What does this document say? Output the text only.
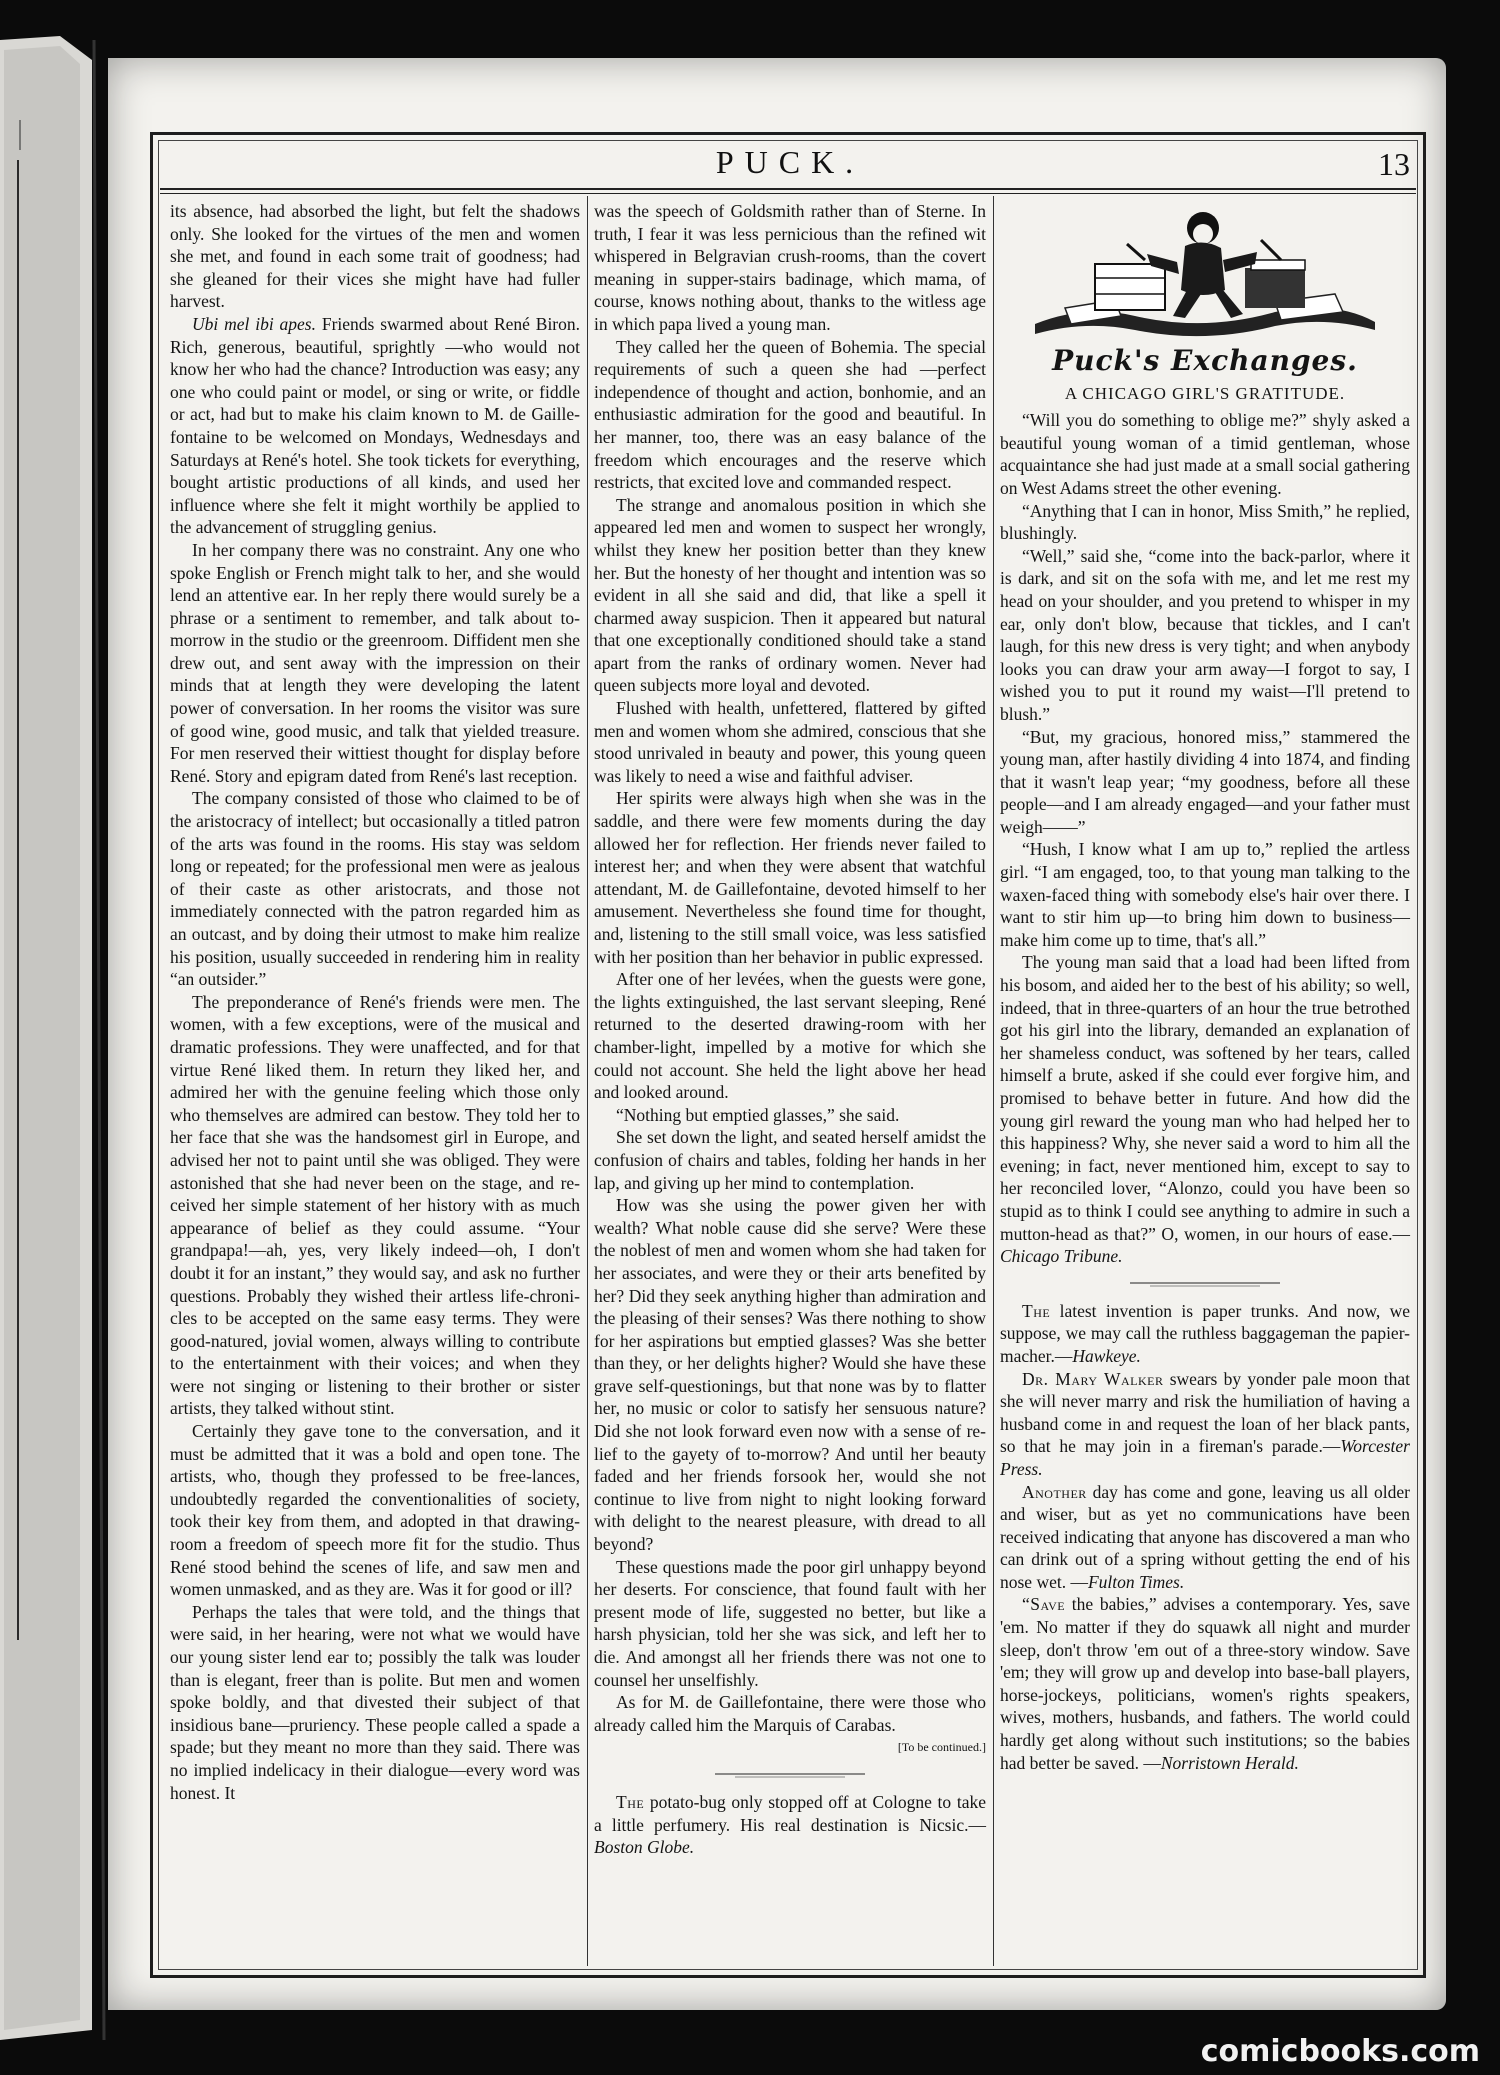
PUCK.	13

its absence, had absorbed the light, but felt the shadows only. She looked for the virtues of the men and women she met, and found in each some trait of goodness; had she gleaned for their vices she might have had fuller harvest.

Ubi mel ibi apes. Friends swarmed about René Biron. Rich, generous, beautiful, sprightly —who would not know her who had the chance? Introduction was easy; any one who could paint or model, or sing or write, or fiddle or act, had but to make his claim known to M. de Gaillefontaine to be welcomed on Mondays, Wednesdays and Saturdays at René's hotel. She took tickets for everything, bought artistic productions of all kinds, and used her influence where she felt it might worthily be applied to the advancement of struggling genius.

In her company there was no constraint. Any one who spoke English or French might talk to her, and she would lend an attentive ear. In her reply there would surely be a phrase or a sentiment to remember, and talk about to-morrow in the studio or the greenroom. Diffident men she drew out, and sent away with the impression on their minds that at length they were developing the latent power of conversation. In her rooms the visitor was sure of good wine, good music, and talk that yielded treasure. For men reserved their wittiest thought for display before René. Story and epigram dated from René's last reception.

The company consisted of those who claimed to be of the aristocracy of intellect; but occasionally a titled patron of the arts was found in the rooms. His stay was seldom long or repeated; for the professional men were as jealous of their caste as other aristocrats, and those not immediately connected with the patron regarded him as an outcast, and by doing their utmost to make him realize his position, usually succeeded in rendering him in reality “an outsider.”

The preponderance of René's friends were men. The women, with a few exceptions, were of the musical and dramatic professions. They were unaffected, and for that virtue René liked them. In return they liked her, and admired her with the genuine feeling which those only who themselves are admired can bestow. They told her to her face that she was the handsomest girl in Europe, and advised her not to paint until she was obliged. They were astonished that she had never been on the stage, and received her simple statement of her history with as much appearance of belief as they could assume. “Your grandpapa!—ah, yes, very likely indeed—oh, I don't doubt it for an instant,” they would say, and ask no further questions. Probably they wished their artless life-chronicles to be accepted on the same easy terms. They were good-natured, jovial women, always willing to contribute to the entertainment with their voices; and when they were not singing or listening to their brother or sister artists, they talked without stint.

Certainly they gave tone to the conversation, and it must be admitted that it was a bold and open tone. The artists, who, though they professed to be free-lances, undoubtedly regarded the conventionalities of society, took their key from them, and adopted in that drawing-room a freedom of speech more fit for the studio. Thus René stood behind the scenes of life, and saw men and women unmasked, and as they are. Was it for good or ill?

Perhaps the tales that were told, and the things that were said, in her hearing, were not what we would have our young sister lend ear to; possibly the talk was louder than is elegant, freer than is polite. But men and women spoke boldly, and that divested their subject of that insidious bane—pruriency. These people called a spade a spade; but they meant no more than they said. There was no implied indelicacy in their dialogue—every word was honest. It

was the speech of Goldsmith rather than of Sterne. In truth, I fear it was less pernicious than the refined wit whispered in Belgravian crush-rooms, than the covert meaning in supper-stairs badinage, which mama, of course, knows nothing about, thanks to the witless age in which papa lived a young man.

They called her the queen of Bohemia. The special requirements of such a queen she had —perfect independence of thought and action, bonhomie, and an enthusiastic admiration for the good and beautiful. In her manner, too, there was an easy balance of the freedom which encourages and the reserve which restricts, that excited love and commanded respect.

The strange and anomalous position in which she appeared led men and women to suspect her wrongly, whilst they knew her position better than they knew her. But the honesty of her thought and intention was so evident in all she said and did, that like a spell it charmed away suspicion. Then it appeared but natural that one exceptionally conditioned should take a stand apart from the ranks of ordinary women. Never had queen subjects more loyal and devoted.

Flushed with health, unfettered, flattered by gifted men and women whom she admired, conscious that she stood unrivaled in beauty and power, this young queen was likely to need a wise and faithful adviser.

Her spirits were always high when she was in the saddle, and there were few moments during the day allowed her for reflection. Her friends never failed to interest her; and when they were absent that watchful attendant, M. de Gaillefontaine, devoted himself to her amusement. Nevertheless she found time for thought, and, listening to the still small voice, was less satisfied with her position than her behavior in public expressed.

After one of her levées, when the guests were gone, the lights extinguished, the last servant sleeping, René returned to the deserted drawing-room with her chamber-light, impelled by a motive for which she could not account. She held the light above her head and looked around.

“Nothing but emptied glasses,” she said.

She set down the light, and seated herself amidst the confusion of chairs and tables, folding her hands in her lap, and giving up her mind to contemplation.

How was she using the power given her with wealth? What noble cause did she serve? Were these the noblest of men and women whom she had taken for her associates, and were they or their arts benefited by her? Did they seek anything higher than admiration and the pleasing of their senses? Was there nothing to show for her aspirations but emptied glasses? Was she better than they, or her delights higher? Would she have these grave self-questionings, but that none was by to flatter her, no music or color to satisfy her sensuous nature? Did she not look forward even now with a sense of relief to the gayety of to-morrow? And until her beauty faded and her friends forsook her, would she not continue to live from night to night looking forward with delight to the nearest pleasure, with dread to all beyond?

These questions made the poor girl unhappy beyond her deserts. For conscience, that found fault with her present mode of life, suggested no better, but like a harsh physician, told her she was sick, and left her to die. And amongst all her friends there was not one to counsel her unselfishly.

As for M. de Gaillefontaine, there were those who already called him the Marquis of Carabas.

[To be continued.]

The potato-bug only stopped off at Cologne to take a little perfumery. His real destination is Nicsic.—Boston Globe.

Puck's Exchanges.
A CHICAGO GIRL'S GRATITUDE.

“Will you do something to oblige me?” shyly asked a beautiful young woman of a timid gentleman, whose acquaintance she had just made at a small social gathering on West Adams street the other evening.

“Anything that I can in honor, Miss Smith,” he replied, blushingly.

“Well,” said she, “come into the back-parlor, where it is dark, and sit on the sofa with me, and let me rest my head on your shoulder, and you pretend to whisper in my ear, only don't blow, because that tickles, and I can't laugh, for this new dress is very tight; and when anybody looks you can draw your arm away—I forgot to say, I wished you to put it round my waist—I'll pretend to blush.”

“But, my gracious, honored miss,” stammered the young man, after hastily dividing 4 into 1874, and finding that it wasn't leap year; “my goodness, before all these people—and I am already engaged—and your father must weigh——”

“Hush, I know what I am up to,” replied the artless girl. “I am engaged, too, to that young man talking to the waxen-faced thing with somebody else's hair over there. I want to stir him up—to bring him down to business—make him come up to time, that's all.”

The young man said that a load had been lifted from his bosom, and aided her to the best of his ability; so well, indeed, that in three-quarters of an hour the true betrothed got his girl into the library, demanded an explanation of her shameless conduct, was softened by her tears, called himself a brute, asked if she could ever forgive him, and promised to behave better in future. And how did the young girl reward the young man who had helped her to this happiness? Why, she never said a word to him all the evening; in fact, never mentioned him, except to say to her reconciled lover, “Alonzo, could you have been so stupid as to think I could see anything to admire in such a mutton-head as that?” O, women, in our hours of ease.—Chicago Tribune.

The latest invention is paper trunks. And now, we suppose, we may call the ruthless baggageman the papier-macher.—Hawkeye.

Dr. Mary Walker swears by yonder pale moon that she will never marry and risk the humiliation of having a husband come in and request the loan of her black pants, so that he may join in a fireman's parade.—Worcester Press.

Another day has come and gone, leaving us all older and wiser, but as yet no communications have been received indicating that anyone has discovered a man who can drink out of a spring without getting the end of his nose wet. —Fulton Times.

“Save the babies,” advises a contemporary. Yes, save 'em. No matter if they do squawk all night and murder sleep, don't throw 'em out of a three-story window. Save 'em; they will grow up and develop into base-ball players, horse-jockeys, politicians, women's rights speakers, wives, mothers, husbands, and fathers. The world could hardly get along without such institutions; so the babies had better be saved. —Norristown Herald.

comicbooks.com
